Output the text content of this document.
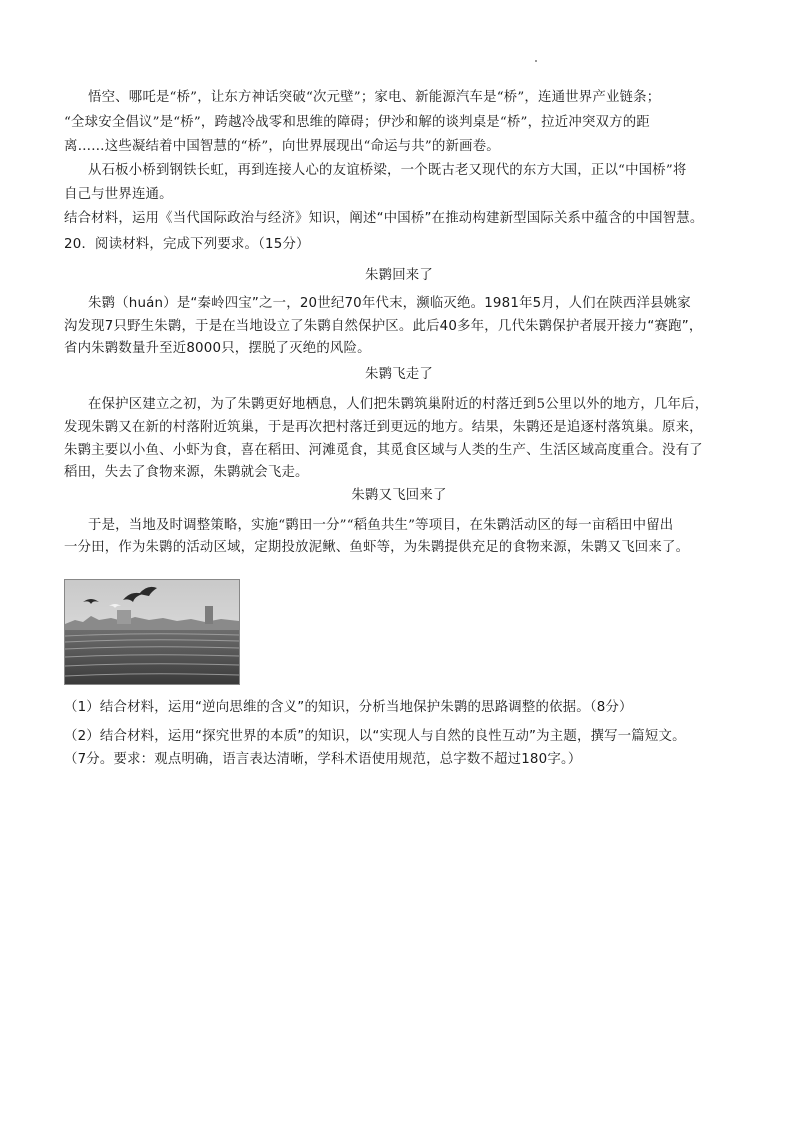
悟空、哪吒是“桥”，让东方神话突破“次元壁”；家电、新能源汽车是“桥”，连通世界产业链条；
“全球安全倡议”是“桥”，跨越冷战零和思维的障碍；伊沙和解的谈判桌是“桥”，拉近冲突双方的距
离……这些凝结着中国智慧的“桥”，向世界展现出“命运与共”的新画卷。
从石板小桥到钢铁长虹，再到连接人心的友谊桥梁，一个既古老又现代的东方大国，正以“中国桥”将
自己与世界连通。
结合材料，运用《当代国际政治与经济》知识，阐述“中国桥”在推动构建新型国际关系中蕴含的中国智慧。
20．阅读材料，完成下列要求。（15分）
朱鹮回来了
朱鹮（huán）是“秦岭四宝”之一，20世纪70年代末，濒临灭绝。1981年5月，人们在陕西洋县姚家
沟发现7只野生朱鹮，于是在当地设立了朱鹮自然保护区。此后40多年，几代朱鹮保护者展开接力“赛跑”，
省内朱鹮数量升至近8000只，摆脱了灭绝的风险。
朱鹮飞走了
在保护区建立之初，为了朱鹮更好地栖息，人们把朱鹮筑巢附近的村落迁到5公里以外的地方，几年后，
发现朱鹮又在新的村落附近筑巢，于是再次把村落迁到更远的地方。结果，朱鹮还是追逐村落筑巢。原来，
朱鹮主要以小鱼、小虾为食，喜在稻田、河滩觅食，其觅食区域与人类的生产、生活区域高度重合。没有了
稻田，失去了食物来源，朱鹮就会飞走。
朱鹮又飞回来了
于是，当地及时调整策略，实施“鹮田一分”“稻鱼共生”等项目，在朱鹮活动区的每一亩稻田中留出
一分田，作为朱鹮的活动区域，定期投放泥鳅、鱼虾等，为朱鹮提供充足的食物来源，朱鹮又飞回来了。
（1）结合材料，运用“逆向思维的含义”的知识，分析当地保护朱鹮的思路调整的依据。（8分）
（2）结合材料，运用“探究世界的本质”的知识，以“实现人与自然的良性互动”为主题，撰写一篇短文。
（7分。要求：观点明确，语言表达清晰，学科术语使用规范，总字数不超过180字。）
